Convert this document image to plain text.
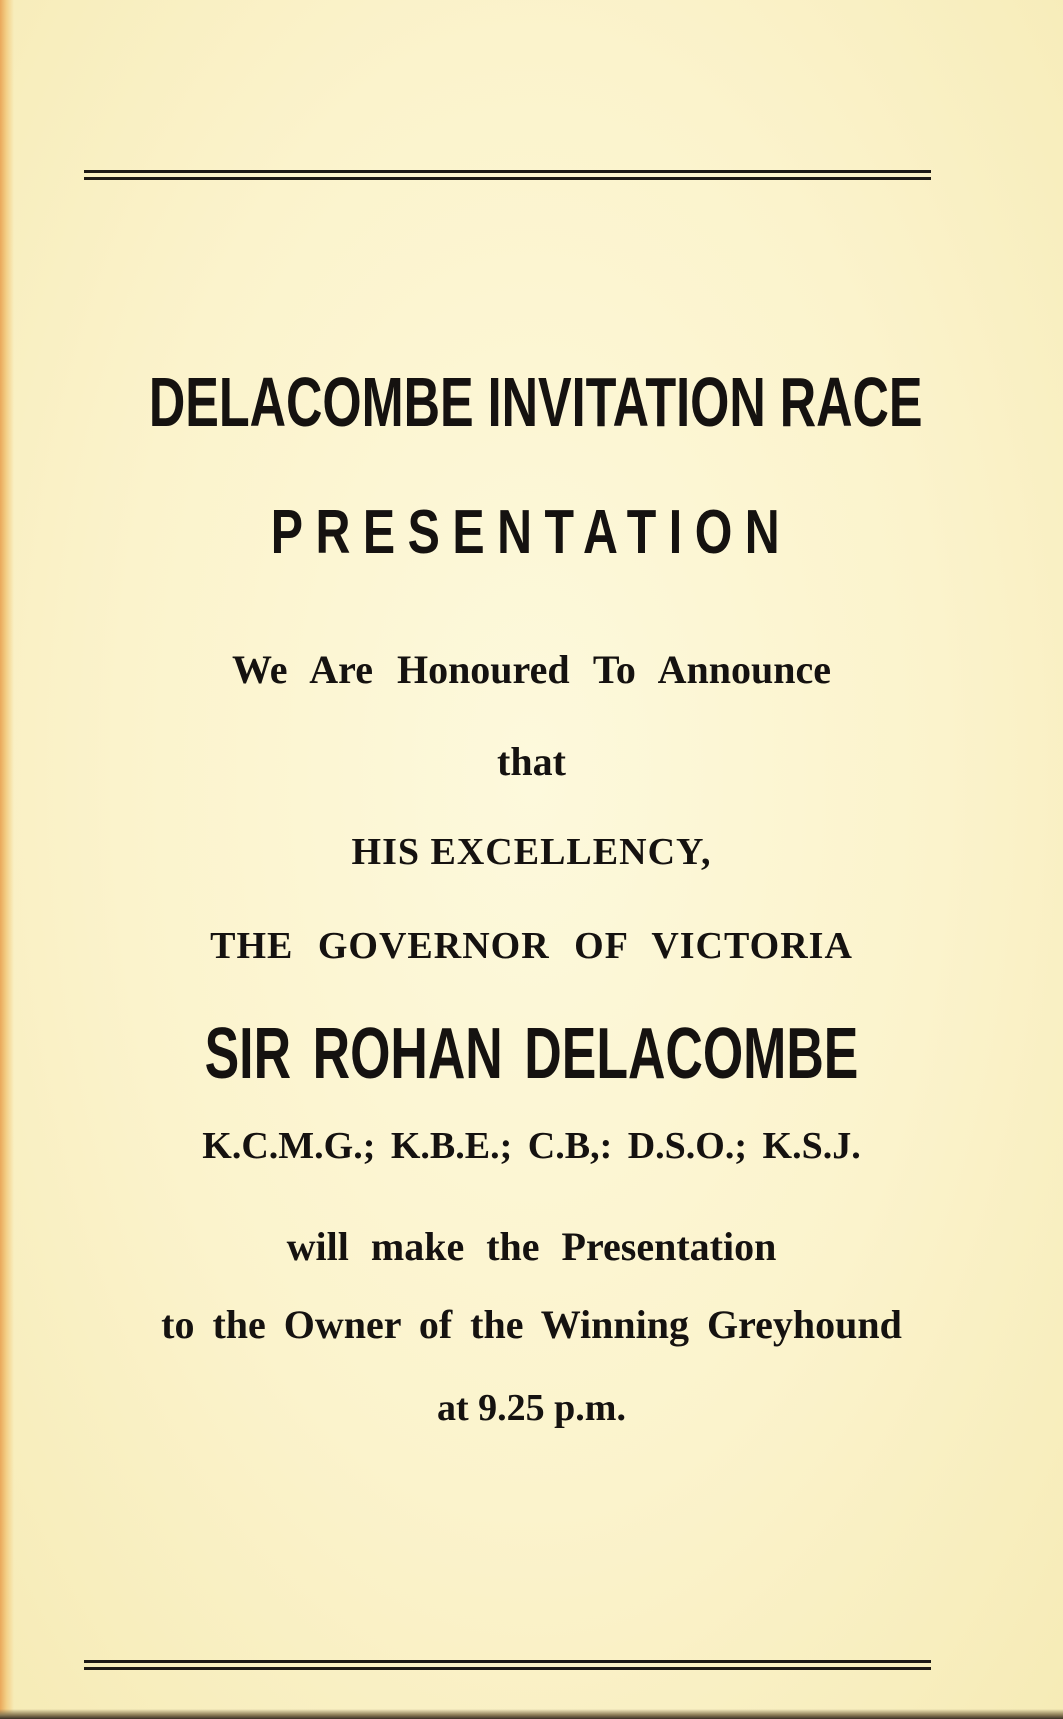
DELACOMBE INVITATION RACE
PRESENTATION
We Are Honoured To Announce
that
HIS EXCELLENCY,
THE GOVERNOR OF VICTORIA
SIR ROHAN DELACOMBE
K.C.M.G.; K.B.E.; C.B,: D.S.O.; K.S.J.
will make the Presentation
to the Owner of the Winning Greyhound
at 9.25 p.m.
